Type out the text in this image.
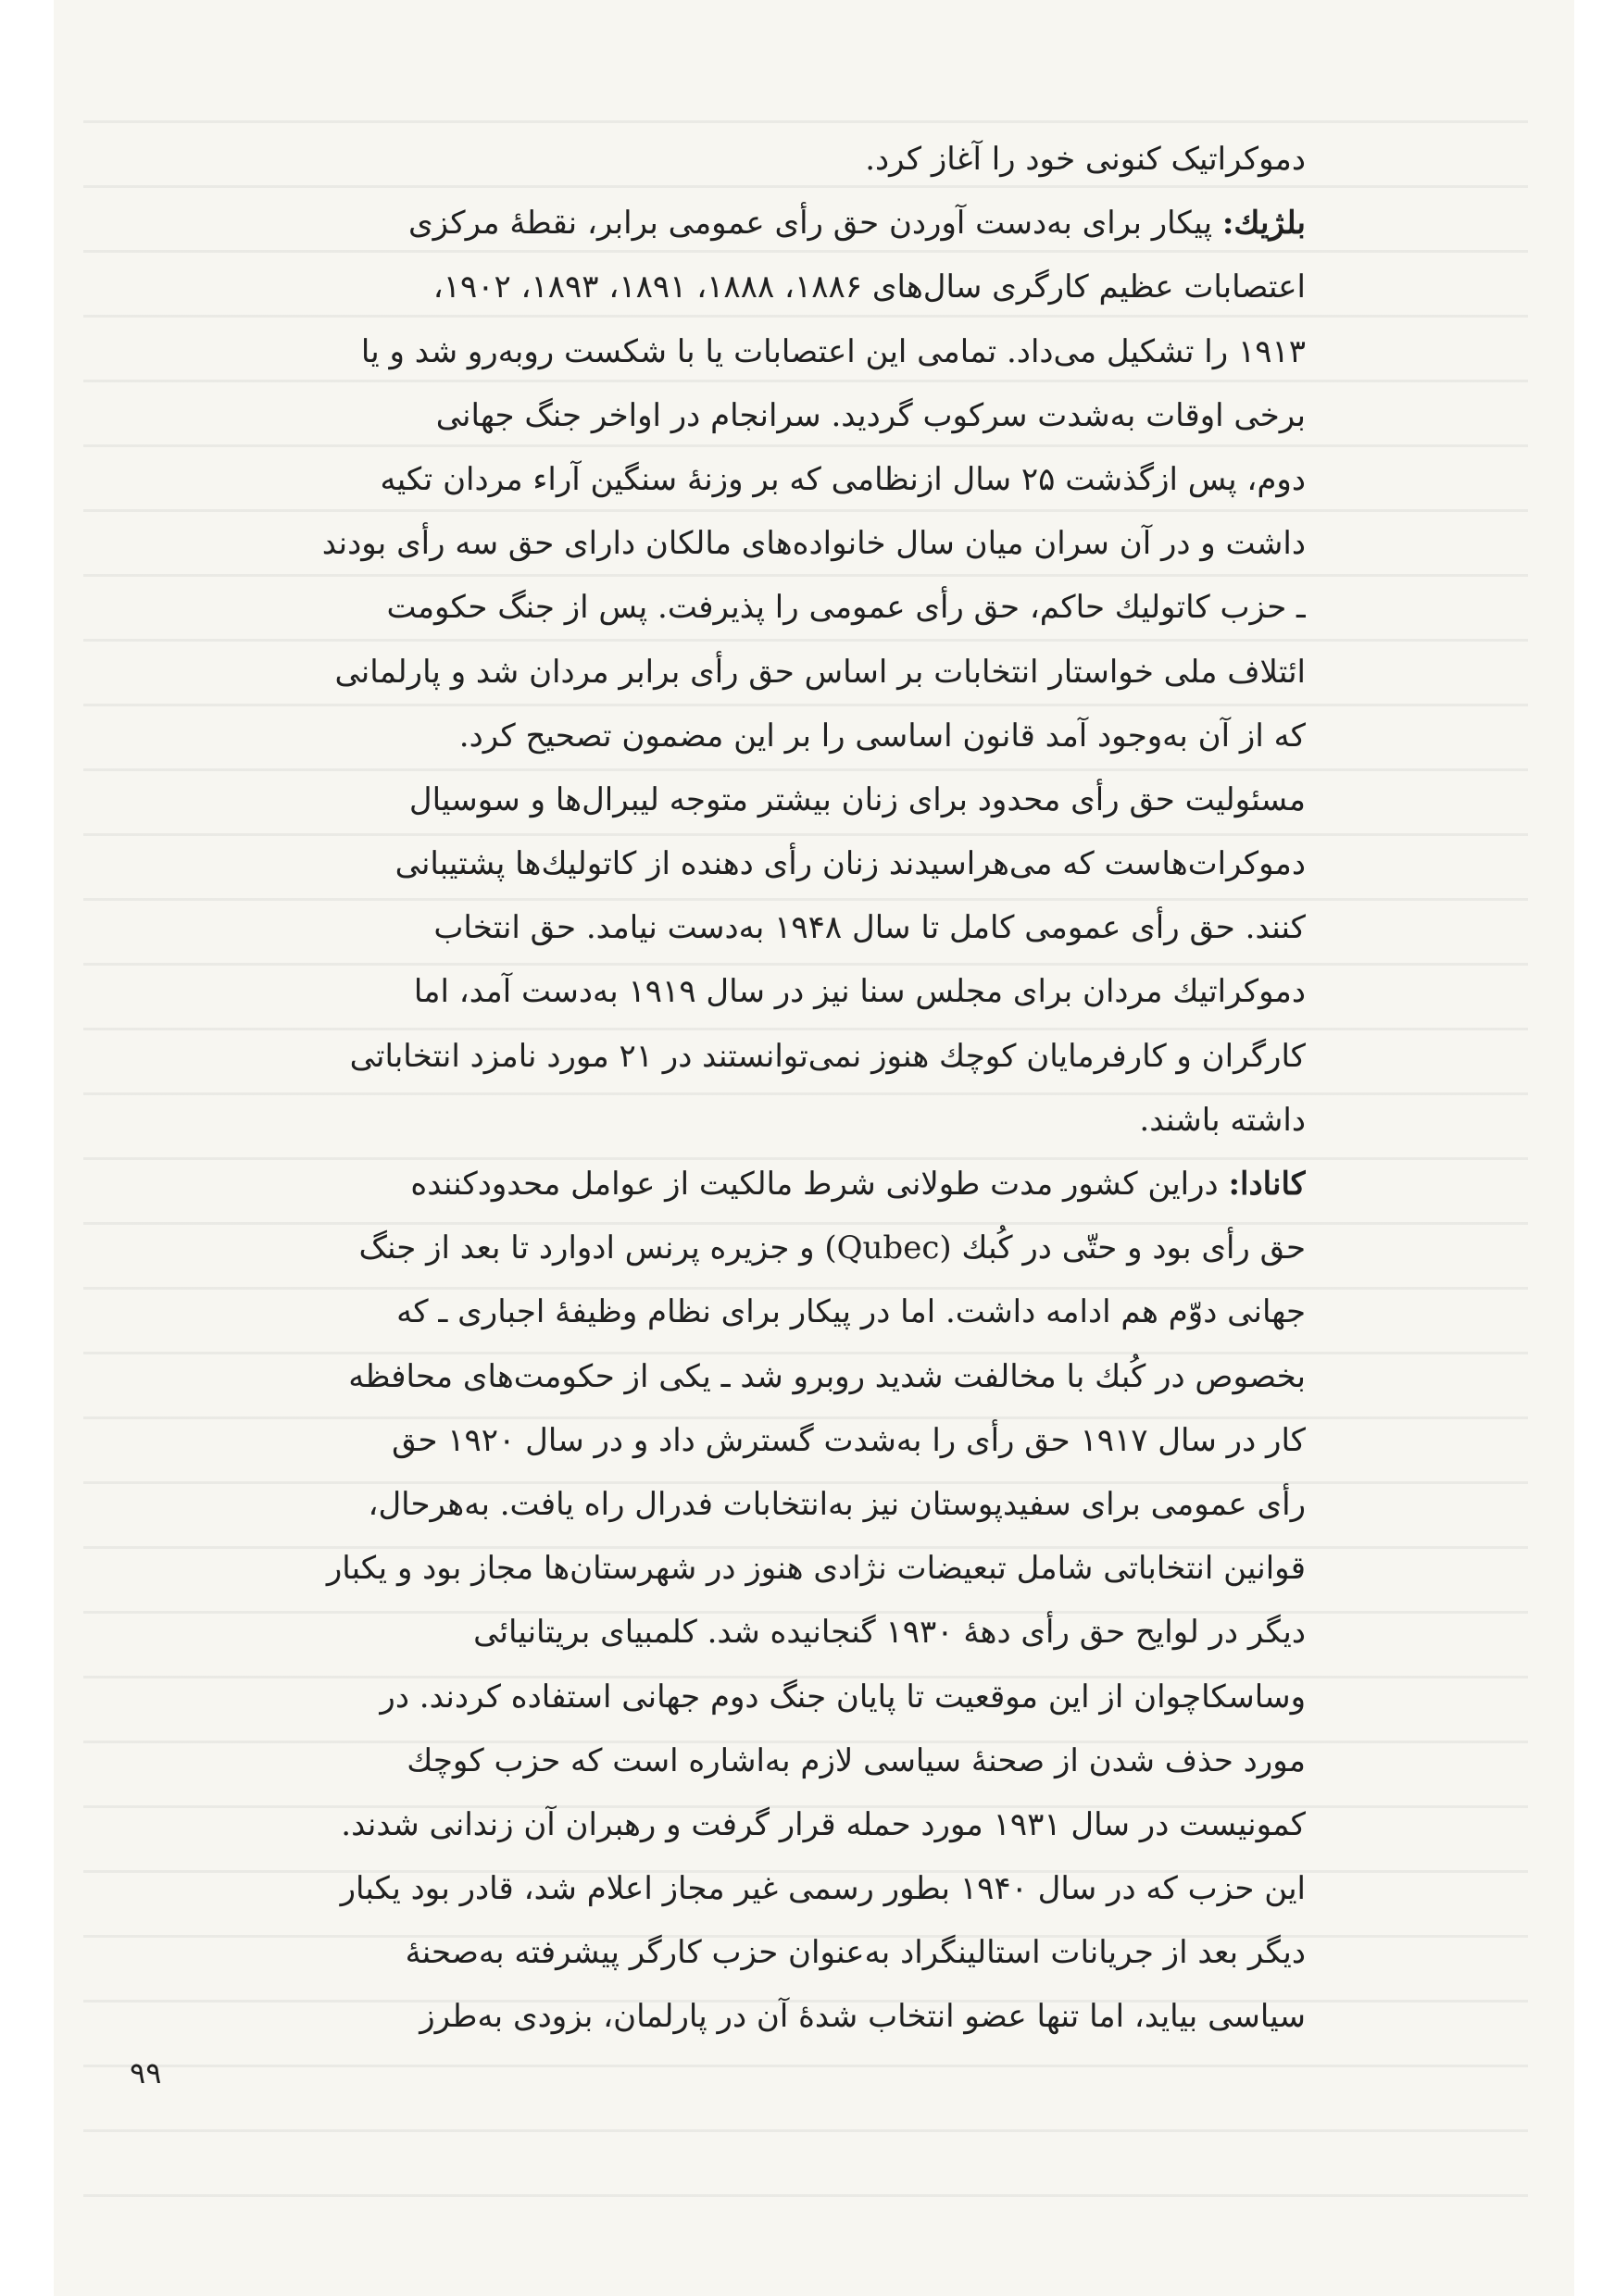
دموکراتیک کنونی خود را آغاز کرد.
بلژیك: پیکار برای به‌دست آوردن حق رأی عمومی برابر، نقطهٔ مرکزی
اعتصابات عظیم کارگری سال‌های ۱۸۸۶، ۱۸۸۸، ۱۸۹۱، ۱۸۹۳، ۱۹۰۲،
۱۹۱۳ را تشکیل می‌داد. تمامی این اعتصابات یا با شکست روبه‌رو شد و یا
برخی اوقات به‌شدت سرکوب گردید. سرانجام در اواخر جنگ جهانی
دوم، پس ازگذشت ۲۵ سال ازنظامی که بر وزنهٔ سنگین آراء مردان تکیه
داشت و در آن سران میان سال خانواده‌های مالکان دارای حق سه رأی بودند
ـ حزب کاتولیك حاکم، حق رأی عمومی را پذیرفت. پس از جنگ حکومت
ائتلاف ملی خواستار انتخابات بر اساس حق رأی برابر مردان شد و پارلمانی
که از آن به‌وجود آمد قانون اساسی را بر این مضمون تصحیح کرد.
مسئولیت حق رأی محدود برای زنان بیشتر متوجه لیبرال‌ها و سوسیال
دموکرات‌هاست که می‌هراسیدند زنان رأی دهنده از کاتولیك‌ها پشتیبانی
کنند. حق رأی عمومی کامل تا سال ۱۹۴۸ به‌دست نیامد. حق انتخاب
دموکراتیك مردان برای مجلس سنا نیز در سال ۱۹۱۹ به‌دست آمد، اما
کارگران و کارفرمایان کوچك هنوز نمی‌توانستند در ۲۱ مورد نامزد انتخاباتی
داشته باشند.
کانادا: دراین کشور مدت طولانی شرط مالکیت از عوامل محدودکننده
حق رأی بود و حتّی در کُبك (Qubec) و جزیره پرنس ادوارد تا بعد از جنگ
جهانی دوّم هم ادامه داشت. اما در پیکار برای نظام وظیفهٔ اجباری ـ که
بخصوص در کُبك با مخالفت شدید روبرو شد ـ یکی از حکومت‌های محافظه
کار در سال ۱۹۱۷ حق رأی را به‌شدت گسترش داد و در سال ۱۹۲۰ حق
رأی عمومی برای سفیدپوستان نیز به‌انتخابات فدرال راه یافت. به‌هرحال،
قوانین انتخاباتی شامل تبعیضات نژادی هنوز در شهرستان‌ها مجاز بود و یکبار
دیگر در لوایح حق رأی دههٔ ۱۹۳۰ گنجانیده شد. کلمبیای بریتانیائی
وساسکاچوان از این موقعیت تا پایان جنگ دوم جهانی استفاده کردند. در
مورد حذف شدن از صحنهٔ سیاسی لازم به‌اشاره است که حزب کوچك
کمونیست در سال ۱۹۳۱ مورد حمله قرار گرفت و رهبران آن زندانی شدند.
این حزب که در سال ۱۹۴۰ بطور رسمی غیر مجاز اعلام شد، قادر بود یکبار
دیگر بعد از جریانات استالینگراد به‌عنوان حزب کارگر پیشرفته به‌صحنهٔ
سیاسی بیاید، اما تنها عضو انتخاب شدهٔ آن در پارلمان، بزودی به‌طرز
۹۹
